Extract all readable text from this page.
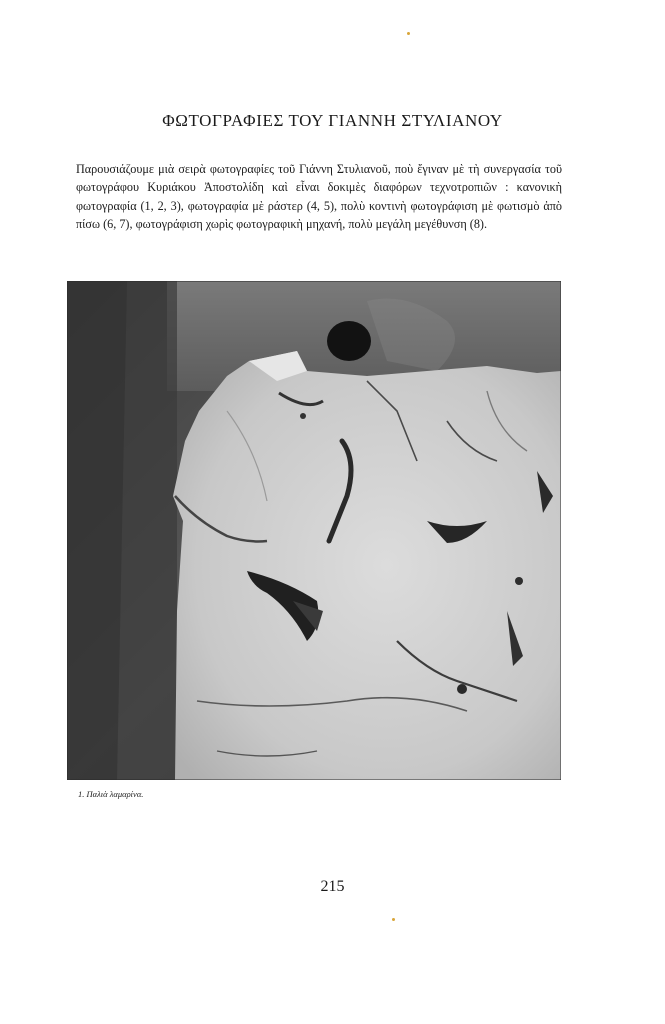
ΦΩΤΟΓΡΑΦΙΕΣ ΤΟΥ ΓΙΑΝΝΗ ΣΤΥΛΙΑΝΟΥ

Παρουσιάζουμε μιὰ σειρὰ φωτογραφίες τοῦ Γιάννη Στυλιανοῦ, ποὺ ἔγιναν μὲ τὴ συνεργασία τοῦ φωτογράφου Κυριάκου Ἀποστολίδη καὶ εἶναι δοκιμὲς διαφόρων τεχνοτροπιῶν : κανονικὴ φωτογραφία (1, 2, 3), φωτογραφία μὲ ράστερ (4, 5), πολὺ κοντινὴ φωτογράφιση μὲ φωτισμὸ ἀπὸ πίσω (6, 7), φωτογράφιση χωρὶς φωτογραφικὴ μηχανή, πολὺ μεγάλη μεγέθυνση (8).

1. Παλιὰ λαμαρίνα.
215
